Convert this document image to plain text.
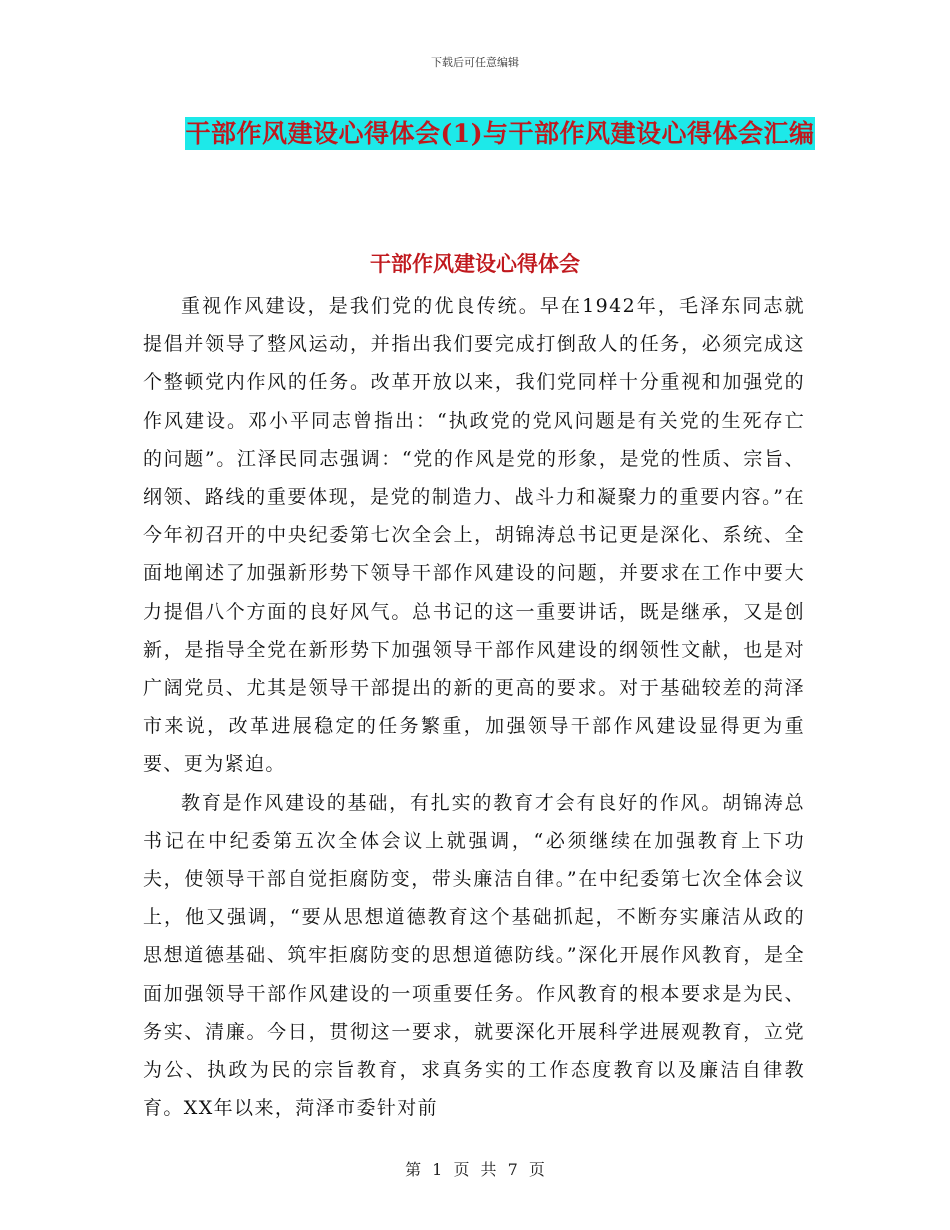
下载后可任意编辑
干部作风建设心得体会(1)与干部作风建设心得体会汇编
干部作风建设心得体会

重视作风建设，是我们党的优良传统。早在1942年，毛泽东同志就提倡并领导了整风运动，并指出我们要完成打倒敌人的任务，必须完成这个整顿党内作风的任务。改革开放以来，我们党同样十分重视和加强党的作风建设。邓小平同志曾指出：“执政党的党风问题是有关党的生死存亡的问题”。江泽民同志强调：“党的作风是党的形象，是党的性质、宗旨、纲领、路线的重要体现，是党的制造力、战斗力和凝聚力的重要内容。”在今年初召开的中央纪委第七次全会上，胡锦涛总书记更是深化、系统、全面地阐述了加强新形势下领导干部作风建设的问题，并要求在工作中要大力提倡八个方面的良好风气。总书记的这一重要讲话，既是继承，又是创新，是指导全党在新形势下加强领导干部作风建设的纲领性文献，也是对广阔党员、尤其是领导干部提出的新的更高的要求。对于基础较差的菏泽市来说，改革进展稳定的任务繁重，加强领导干部作风建设显得更为重要、更为紧迫。

教育是作风建设的基础，有扎实的教育才会有良好的作风。胡锦涛总书记在中纪委第五次全体会议上就强调，“必须继续在加强教育上下功夫，使领导干部自觉拒腐防变，带头廉洁自律。”在中纪委第七次全体会议上，他又强调，“要从思想道德教育这个基础抓起，不断夯实廉洁从政的思想道德基础、筑牢拒腐防变的思想道德防线。”深化开展作风教育，是全面加强领导干部作风建设的一项重要任务。作风教育的根本要求是为民、务实、清廉。今日，贯彻这一要求，就要深化开展科学进展观教育，立党为公、执政为民的宗旨教育，求真务实的工作态度教育以及廉洁自律教育。XX年以来，菏泽市委针对前

第 1 页 共 7 页
